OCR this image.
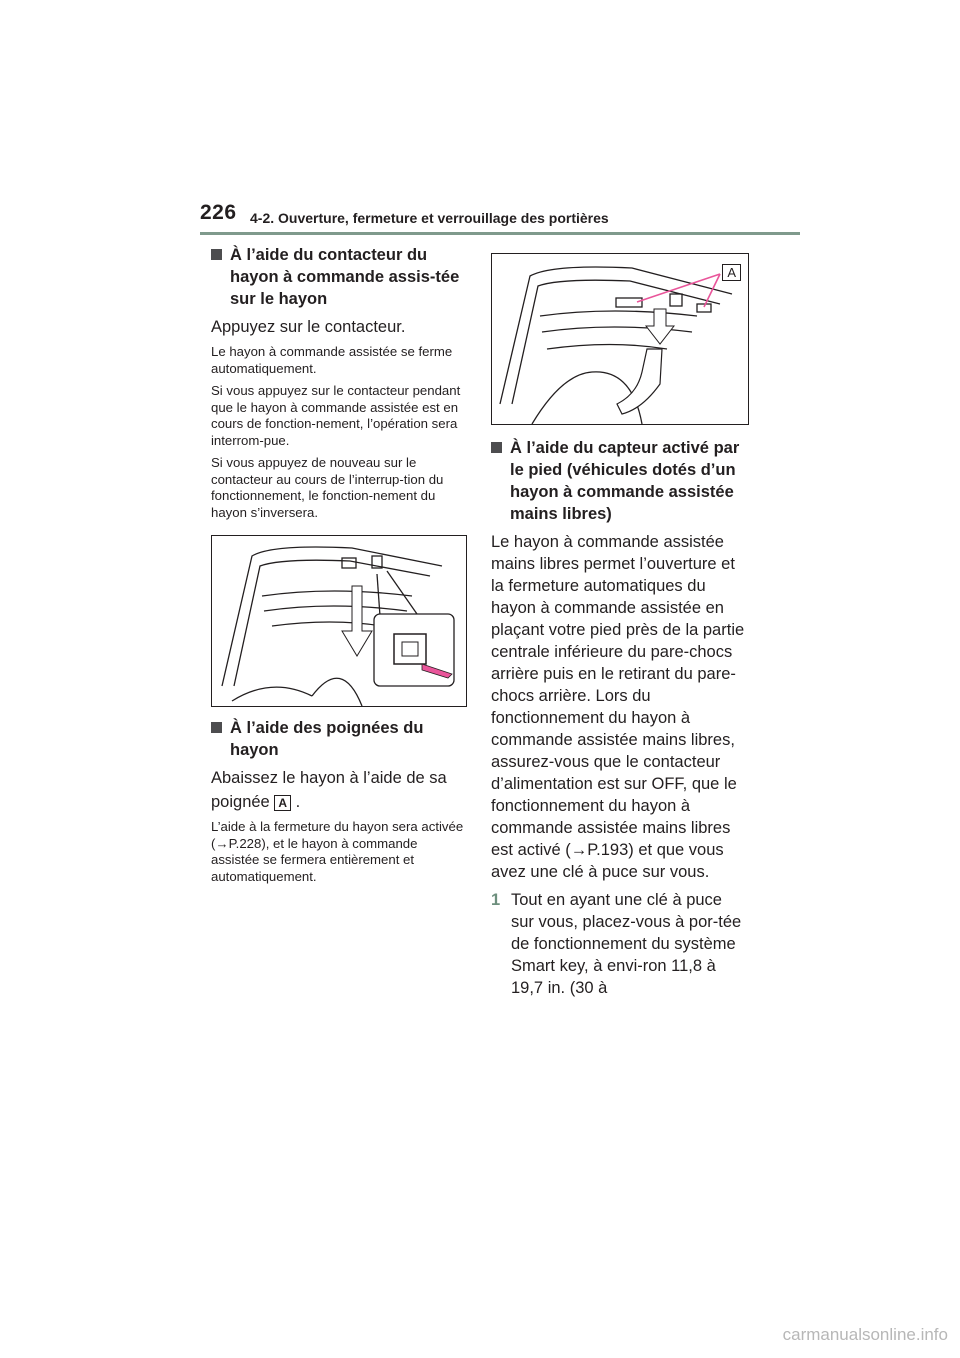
226 4-2. Ouverture, fermeture et verrouillage des portières
À l’aide du contacteur du hayon à commande assis-tée sur le hayon

Appuyez sur le contacteur.

Le hayon à commande assistée se ferme automatiquement.

Si vous appuyez sur le contacteur pendant que le hayon à commande assistée est en cours de fonction-nement, l’opération sera interrom-pue.

Si vous appuyez de nouveau sur le contacteur au cours de l’interrup-tion du fonctionnement, le fonction-nement du hayon s’inversera.

À l’aide des poignées du hayon

Abaissez le hayon à l’aide de sa

poignée A .

L’aide à la fermeture du hayon sera activée (→P.228), et le hayon à commande assistée se fermera entièrement et automatiquement.

A
À l’aide du capteur activé par le pied (véhicules dotés d’un hayon à commande assistée mains libres)

Le hayon à commande assistée mains libres permet l’ouverture et la fermeture automatiques du hayon à commande assistée en plaçant votre pied près de la partie centrale inférieure du pare-chocs arrière puis en le retirant du pare-chocs arrière. Lors du fonctionnement du hayon à commande assistée mains libres, assurez-vous que le contacteur d’alimentation est sur OFF, que le fonctionnement du hayon à commande assistée mains libres est activé (→P.193) et que vous avez une clé à puce sur vous.

1 Tout en ayant une clé à puce sur vous, placez-vous à por-tée de fonctionnement du système Smart key, à envi-ron 11,8 à 19,7 in. (30 à
carmanualsonline.info
